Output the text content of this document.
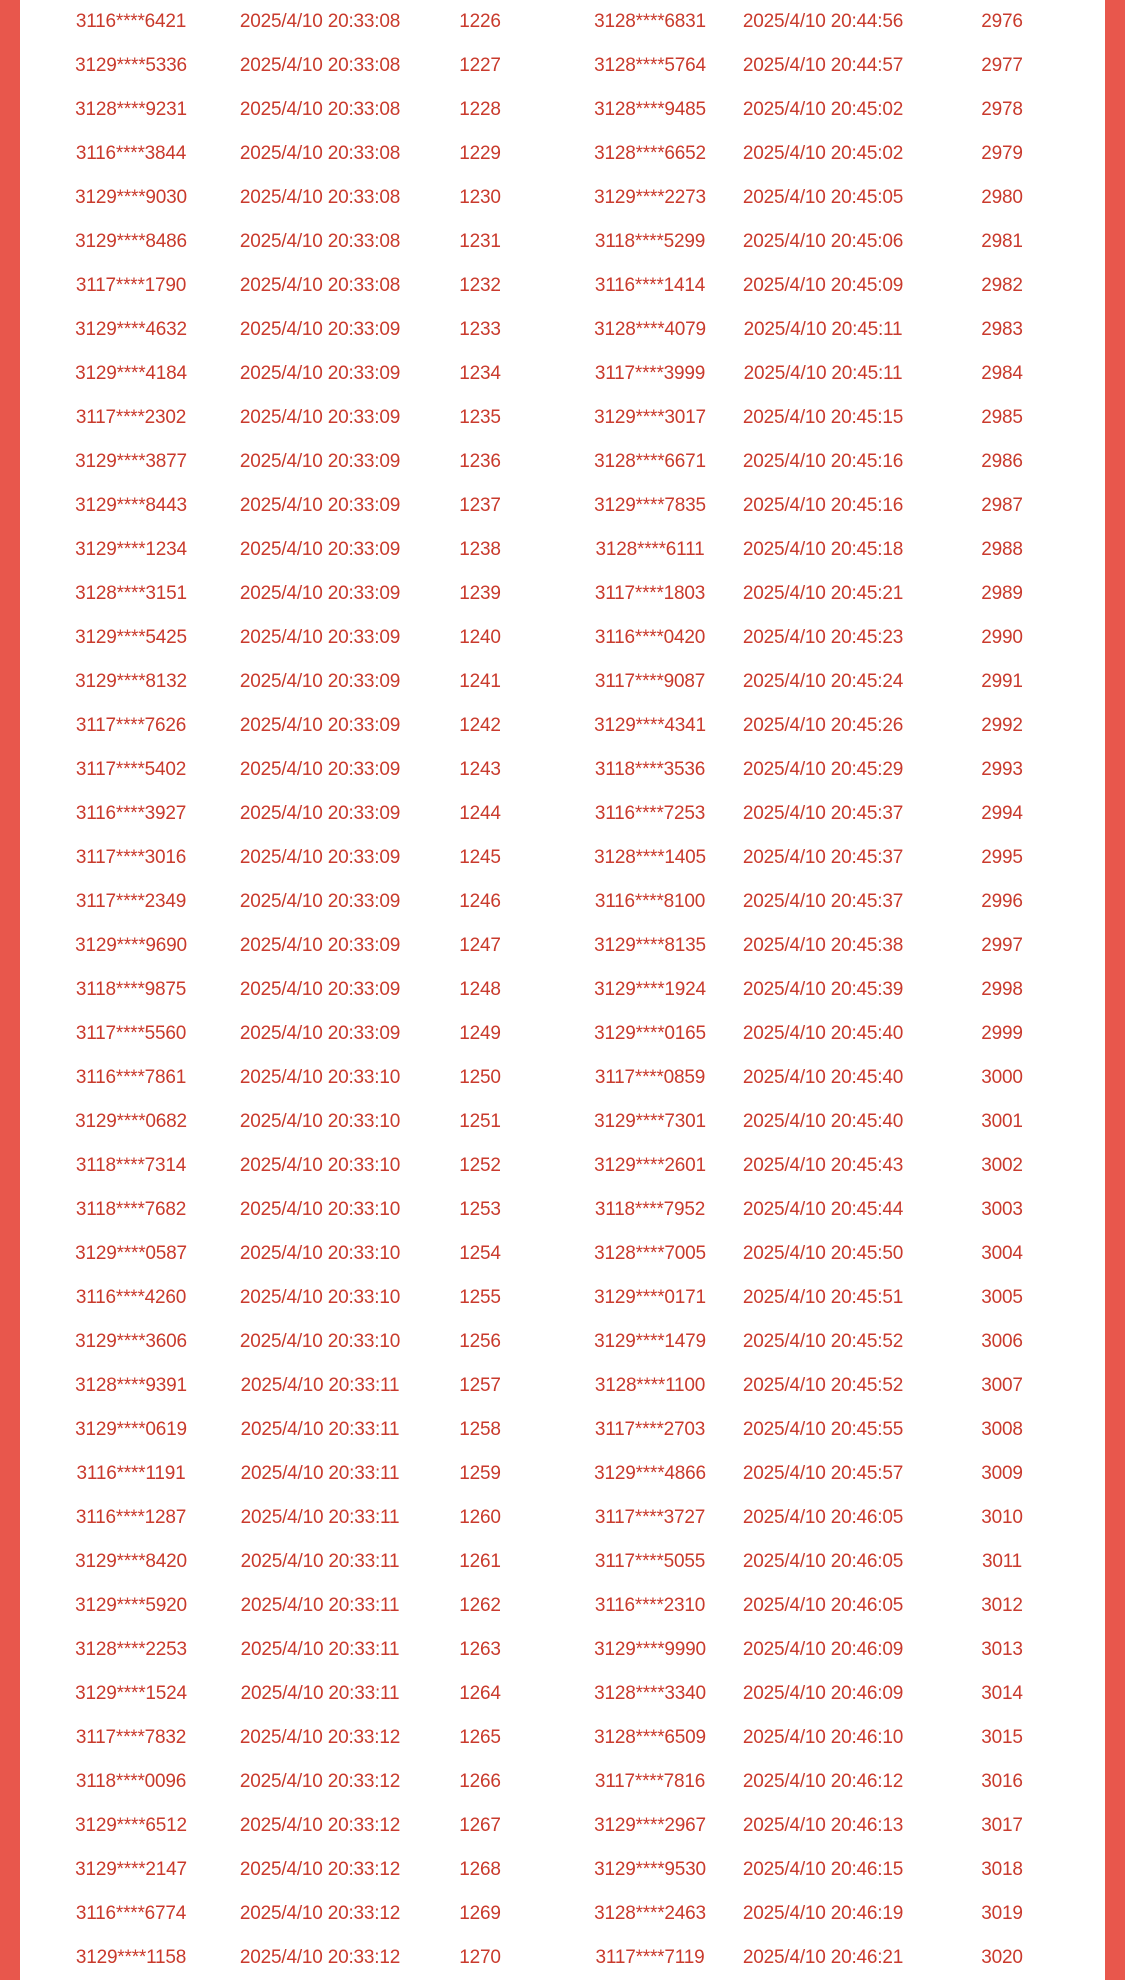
3116****6421	2025/4/10 20:33:08	1226	3128****6831	2025/4/10 20:44:56	2976
3129****5336	2025/4/10 20:33:08	1227	3128****5764	2025/4/10 20:44:57	2977
3128****9231	2025/4/10 20:33:08	1228	3128****9485	2025/4/10 20:45:02	2978
3116****3844	2025/4/10 20:33:08	1229	3128****6652	2025/4/10 20:45:02	2979
3129****9030	2025/4/10 20:33:08	1230	3129****2273	2025/4/10 20:45:05	2980
3129****8486	2025/4/10 20:33:08	1231	3118****5299	2025/4/10 20:45:06	2981
3117****1790	2025/4/10 20:33:08	1232	3116****1414	2025/4/10 20:45:09	2982
3129****4632	2025/4/10 20:33:09	1233	3128****4079	2025/4/10 20:45:11	2983
3129****4184	2025/4/10 20:33:09	1234	3117****3999	2025/4/10 20:45:11	2984
3117****2302	2025/4/10 20:33:09	1235	3129****3017	2025/4/10 20:45:15	2985
3129****3877	2025/4/10 20:33:09	1236	3128****6671	2025/4/10 20:45:16	2986
3129****8443	2025/4/10 20:33:09	1237	3129****7835	2025/4/10 20:45:16	2987
3129****1234	2025/4/10 20:33:09	1238	3128****6111	2025/4/10 20:45:18	2988
3128****3151	2025/4/10 20:33:09	1239	3117****1803	2025/4/10 20:45:21	2989
3129****5425	2025/4/10 20:33:09	1240	3116****0420	2025/4/10 20:45:23	2990
3129****8132	2025/4/10 20:33:09	1241	3117****9087	2025/4/10 20:45:24	2991
3117****7626	2025/4/10 20:33:09	1242	3129****4341	2025/4/10 20:45:26	2992
3117****5402	2025/4/10 20:33:09	1243	3118****3536	2025/4/10 20:45:29	2993
3116****3927	2025/4/10 20:33:09	1244	3116****7253	2025/4/10 20:45:37	2994
3117****3016	2025/4/10 20:33:09	1245	3128****1405	2025/4/10 20:45:37	2995
3117****2349	2025/4/10 20:33:09	1246	3116****8100	2025/4/10 20:45:37	2996
3129****9690	2025/4/10 20:33:09	1247	3129****8135	2025/4/10 20:45:38	2997
3118****9875	2025/4/10 20:33:09	1248	3129****1924	2025/4/10 20:45:39	2998
3117****5560	2025/4/10 20:33:09	1249	3129****0165	2025/4/10 20:45:40	2999
3116****7861	2025/4/10 20:33:10	1250	3117****0859	2025/4/10 20:45:40	3000
3129****0682	2025/4/10 20:33:10	1251	3129****7301	2025/4/10 20:45:40	3001
3118****7314	2025/4/10 20:33:10	1252	3129****2601	2025/4/10 20:45:43	3002
3118****7682	2025/4/10 20:33:10	1253	3118****7952	2025/4/10 20:45:44	3003
3129****0587	2025/4/10 20:33:10	1254	3128****7005	2025/4/10 20:45:50	3004
3116****4260	2025/4/10 20:33:10	1255	3129****0171	2025/4/10 20:45:51	3005
3129****3606	2025/4/10 20:33:10	1256	3129****1479	2025/4/10 20:45:52	3006
3128****9391	2025/4/10 20:33:11	1257	3128****1100	2025/4/10 20:45:52	3007
3129****0619	2025/4/10 20:33:11	1258	3117****2703	2025/4/10 20:45:55	3008
3116****1191	2025/4/10 20:33:11	1259	3129****4866	2025/4/10 20:45:57	3009
3116****1287	2025/4/10 20:33:11	1260	3117****3727	2025/4/10 20:46:05	3010
3129****8420	2025/4/10 20:33:11	1261	3117****5055	2025/4/10 20:46:05	3011
3129****5920	2025/4/10 20:33:11	1262	3116****2310	2025/4/10 20:46:05	3012
3128****2253	2025/4/10 20:33:11	1263	3129****9990	2025/4/10 20:46:09	3013
3129****1524	2025/4/10 20:33:11	1264	3128****3340	2025/4/10 20:46:09	3014
3117****7832	2025/4/10 20:33:12	1265	3128****6509	2025/4/10 20:46:10	3015
3118****0096	2025/4/10 20:33:12	1266	3117****7816	2025/4/10 20:46:12	3016
3129****6512	2025/4/10 20:33:12	1267	3129****2967	2025/4/10 20:46:13	3017
3129****2147	2025/4/10 20:33:12	1268	3129****9530	2025/4/10 20:46:15	3018
3116****6774	2025/4/10 20:33:12	1269	3128****2463	2025/4/10 20:46:19	3019
3129****1158	2025/4/10 20:33:12	1270	3117****7119	2025/4/10 20:46:21	3020
